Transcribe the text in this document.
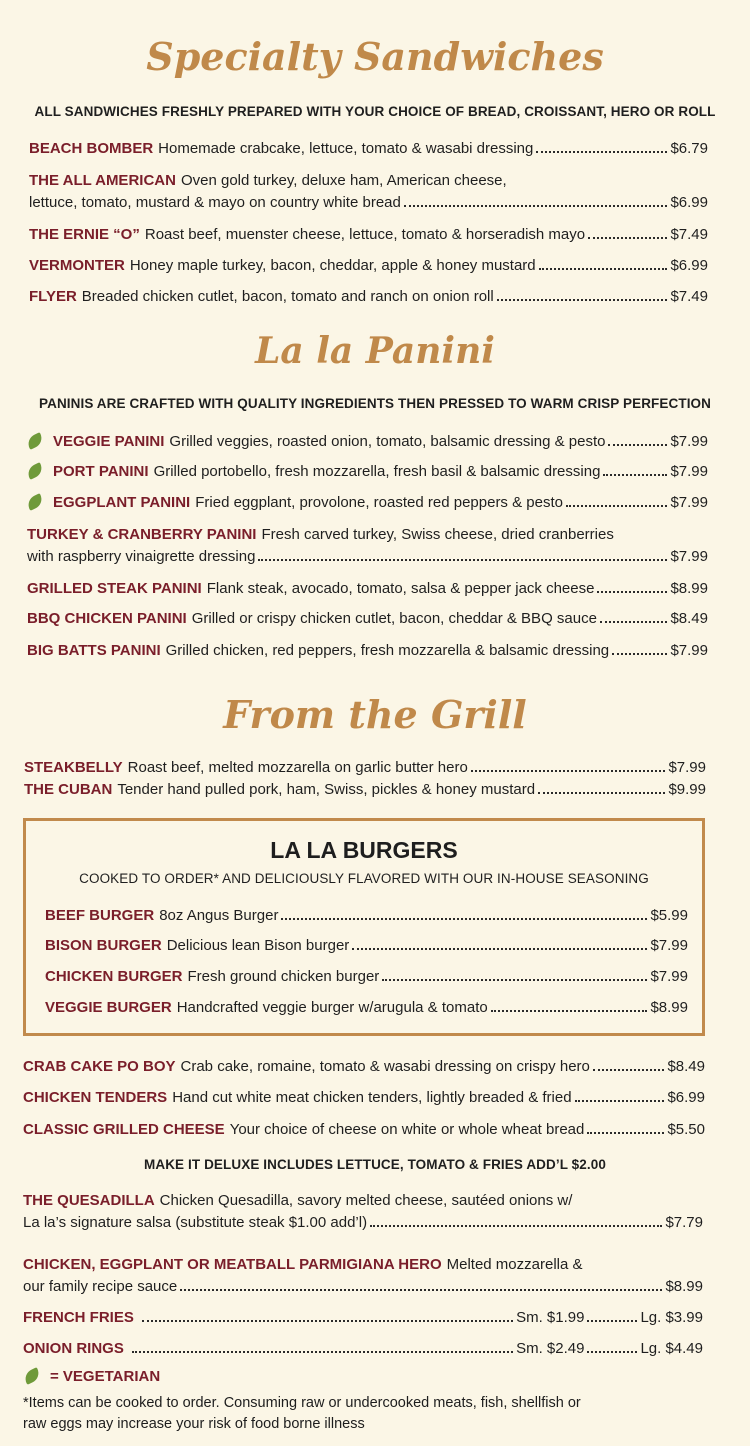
Specialty Sandwiches
ALL SANDWICHES FRESHLY PREPARED WITH YOUR CHOICE OF BREAD, CROISSANT, HERO OR ROLL
BEACH BOMBER Homemade crabcake, lettuce, tomato & wasabi dressing	$6.79
THE ALL AMERICAN Oven gold turkey, deluxe ham, American cheese,
lettuce, tomato, mustard & mayo on country white bread	$6.99
THE ERNIE “O” Roast beef, muenster cheese, lettuce, tomato & horseradish mayo	$7.49
VERMONTER Honey maple turkey, bacon, cheddar, apple & honey mustard	$6.99
FLYER Breaded chicken cutlet, bacon, tomato and ranch on onion roll	$7.49
La la Panini
PANINIS ARE CRAFTED WITH QUALITY INGREDIENTS THEN PRESSED TO WARM CRISP PERFECTION
VEGGIE PANINI Grilled veggies, roasted onion, tomato, balsamic dressing & pesto	$7.99
PORT PANINI Grilled portobello, fresh mozzarella, fresh basil & balsamic dressing	$7.99
EGGPLANT PANINI Fried eggplant, provolone, roasted red peppers & pesto	$7.99
TURKEY & CRANBERRY PANINI Fresh carved turkey, Swiss cheese, dried cranberries
with raspberry vinaigrette dressing	$7.99
GRILLED STEAK PANINI Flank steak, avocado, tomato, salsa & pepper jack cheese	$8.99
BBQ CHICKEN PANINI Grilled or crispy chicken cutlet, bacon, cheddar & BBQ sauce	$8.49
BIG BATTS PANINI Grilled chicken, red peppers, fresh mozzarella & balsamic dressing	$7.99
From the Grill
STEAKBELLY Roast beef, melted mozzarella on garlic butter hero	$7.99
THE CUBAN Tender hand pulled pork, ham, Swiss, pickles & honey mustard	$9.99
LA LA BURGERS
COOKED TO ORDER* AND DELICIOUSLY FLAVORED WITH OUR IN-HOUSE SEASONING
BEEF BURGER 8oz Angus Burger	$5.99
BISON BURGER Delicious lean Bison burger	$7.99
CHICKEN BURGER Fresh ground chicken burger	$7.99
VEGGIE BURGER Handcrafted veggie burger w/arugula & tomato	$8.99
CRAB CAKE PO BOY Crab cake, romaine, tomato & wasabi dressing on crispy hero	$8.49
CHICKEN TENDERS Hand cut white meat chicken tenders, lightly breaded & fried	$6.99
CLASSIC GRILLED CHEESE Your choice of cheese on white or whole wheat bread	$5.50
MAKE IT DELUXE INCLUDES LETTUCE, TOMATO & FRIES ADD’L $2.00
THE QUESADILLA Chicken Quesadilla, savory melted cheese, sautéed onions w/
La la’s signature salsa (substitute steak $1.00 add’l)	$7.79
CHICKEN, EGGPLANT OR MEATBALL PARMIGIANA HERO Melted mozzarella &
our family recipe sauce	$8.99
FRENCH FRIES	Sm. $1.99	Lg. $3.99
ONION RINGS	Sm. $2.49	Lg. $4.49
= VEGETARIAN
*Items can be cooked to order. Consuming raw or undercooked meats, fish, shellfish or
raw eggs may increase your risk of food borne illness
